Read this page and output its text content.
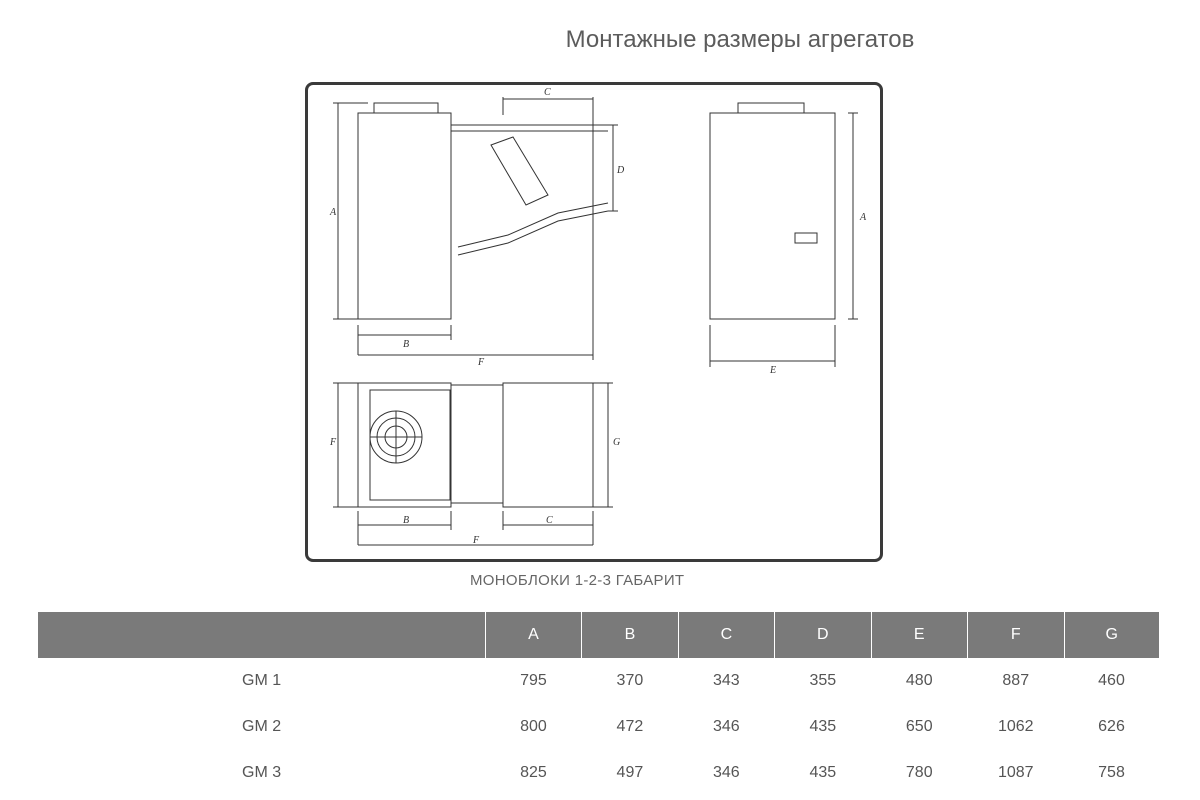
Монтажные размеры агрегатов
A
B
F
C
D
A
E
F	G
B	C
F
МОНОБЛОКИ 1-2-3 ГАБАРИТ
	A	B	C	D	E	F	G
GM 1	795	370	343	355	480	887	460
GM 2	800	472	346	435	650	1062	626
GM 3	825	497	346	435	780	1087	758
